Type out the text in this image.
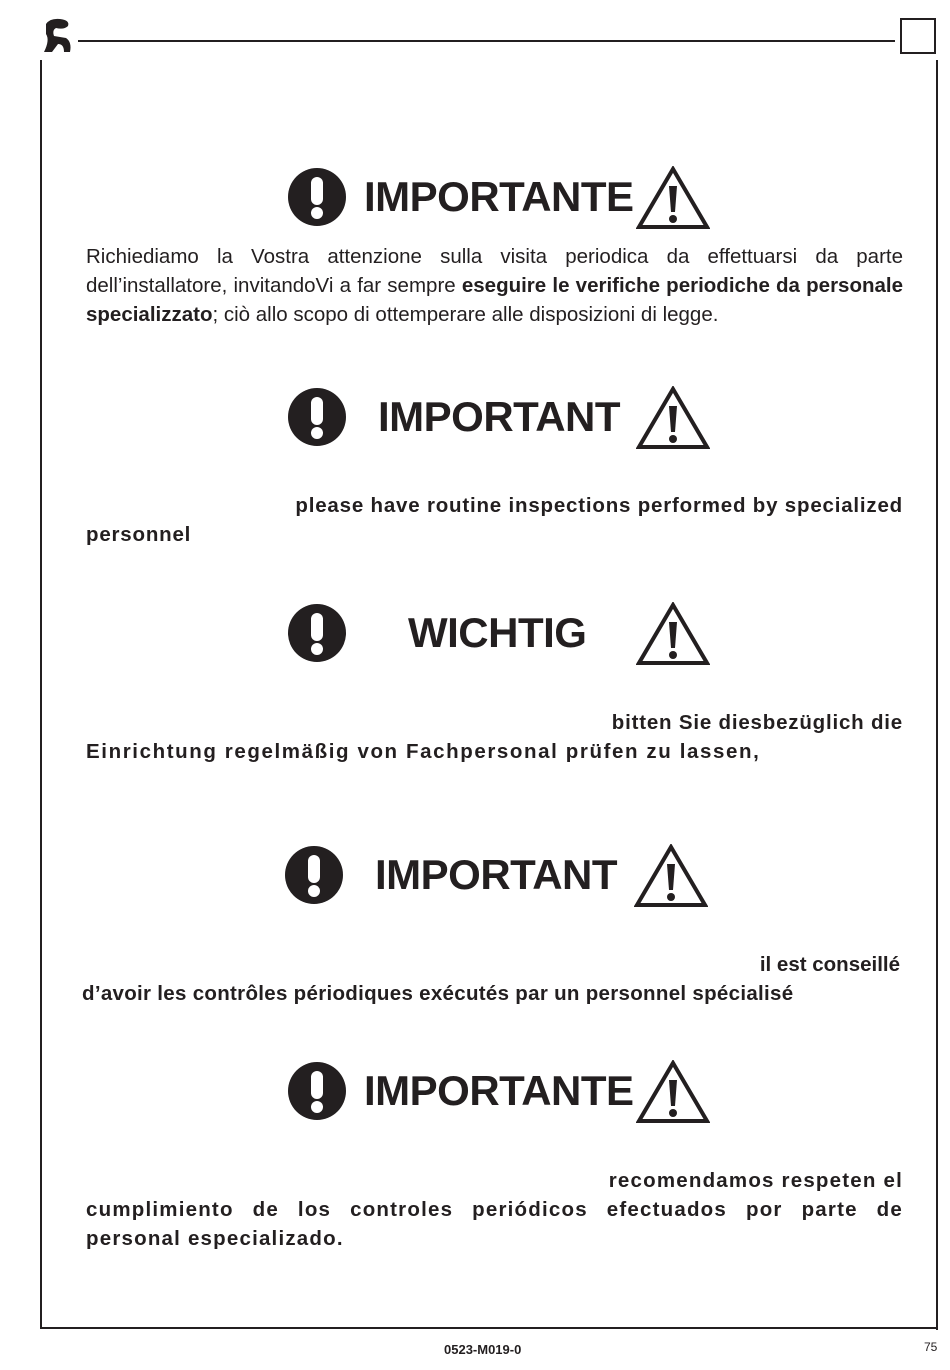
IMPORTANTE

Richiediamo la Vostra attenzione sulla visita periodica da effettuarsi da parte dell’installatore, invitandoVi a far sempre eseguire le verifiche periodiche da personale specializzato; ciò allo scopo di ottemperare alle disposizioni di legge.

IMPORTANT
please have routine inspections performed by specialized
personnel
WICHTIG
bitten Sie diesbezüglich die
Einrichtung regelmäßig von Fachpersonal prüfen zu lassen,
IMPORTANT
il est conseillé
d’avoir les contrôles périodiques exécutés par un personnel spécialisé
IMPORTANTE
recomendamos respeten el
cumplimiento de los controles periódicos efectuados por parte de personal especializado.
0523-M019-0	75
